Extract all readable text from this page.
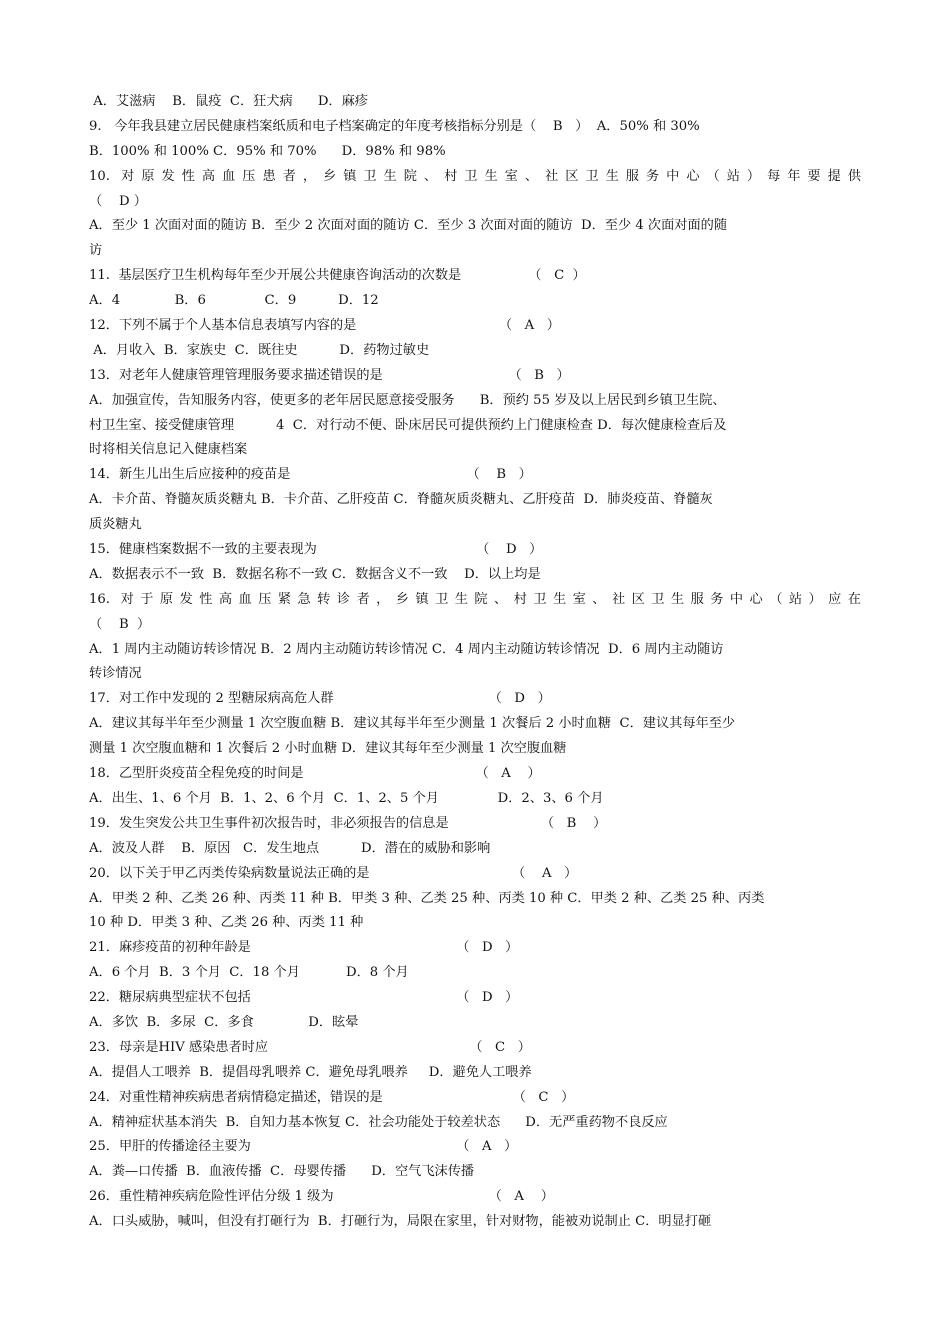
A．艾滋病    B．鼠疫  C．狂犬病      D．麻疹
9.   今年我县建立居民健康档案纸质和电子档案确定的年度考核指标分别是（    B   ）  A．50% 和 30%
B．100% 和 100% C．95% 和 70%      D．98% 和 98%
10. 对原发性高血压患者，乡镇卫生院、村卫生室、社区卫生服务中心（站）每年要提供
（    D ）
A．至少 1 次面对面的随访 B．至少 2 次面对面的随访 C．至少 3 次面对面的随访  D．至少 4 次面对面的随
访
11.  基层医疗卫生机构每年至少开展公共健康咨询活动的次数是                （   C  ）
A．4             B．6              C．9          D．12
12．下列不属于个人基本信息表填写内容的是                                  （   A   ）
A．月收入  B．家族史  C．既往史          D．药物过敏史
13．对老年人健康管理管理服务要求描述错误的是                              （   B   ）
A．加强宣传，告知服务内容，使更多的老年居民愿意接受服务      B．预约 55 岁及以上居民到乡镇卫生院、
村卫生室、接受健康管理          4  C．对行动不便、卧床居民可提供预约上门健康检查 D．每次健康检查后及
时将相关信息记入健康档案
14．新生儿出生后应接种的疫苗是                                          （    B   ）
A．卡介苗、脊髓灰质炎糖丸 B．卡介苗、乙肝疫苗 C．脊髓灰质炎糖丸、乙肝疫苗  D．肺炎疫苗、脊髓灰
质炎糖丸
15．健康档案数据不一致的主要表现为                                      （    D   ）
A．数据表示不一致  B．数据名称不一致 C．数据含义不一致    D．以上均是
16. 对于原发性高血压紧急转诊者，乡镇卫生院、村卫生室、社区卫生服务中心（站）应在
（    B  ）
A．1 周内主动随访转诊情况 B．2 周内主动随访转诊情况 C．4 周内主动随访转诊情况  D．6 周内主动随访
转诊情况
17．对工作中发现的 2 型糖尿病高危人群                                     （   D   ）
A．建议其每半年至少测量 1 次空腹血糖 B．建议其每半年至少测量 1 次餐后 2 小时血糖  C．建议其每年至少
测量 1 次空腹血糖和 1 次餐后 2 小时血糖 D．建议其每年至少测量 1 次空腹血糖
18．乙型肝炎疫苗全程免疫的时间是                                         （   A    ）
A．出生、1、6 个月  B．1、2、6 个月  C．1、2、5 个月              D．2、3、6 个月
19．发生突发公共卫生事件初次报告时，非必须报告的信息是                      （   B    ）
A．波及人群    B．原因   C．发生地点          D．潜在的威胁和影响
20．以下关于甲乙丙类传染病数量说法正确的是                                  （    A   ）
A．甲类 2 种、乙类 26 种、丙类 11 种 B．甲类 3 种、乙类 25 种、丙类 10 种 C．甲类 2 种、乙类 25 种、丙类
10 种 D．甲类 3 种、乙类 26 种、丙类 11 种
21．麻疹疫苗的初种年龄是                                                 （   D   ）
A．6 个月  B．3 个月  C．18 个月           D．8 个月
22．糖尿病典型症状不包括                                                 （   D   ）
A．多饮  B．多尿  C．多食             D．眩晕
23．母亲是HIV 感染患者时应                                                （   C   ）
A．提倡人工喂养  B．提倡母乳喂养 C．避免母乳喂养     D．避免人工喂养
24．对重性精神疾病患者病情稳定描述，错误的是                               （   C   ）
A．精神症状基本消失  B．自知力基本恢复 C．社会功能处于较差状态      D．无严重药物不良反应
25．甲肝的传播途径主要为                                                 （   A   ）
A．粪—口传播  B．血液传播  C．母婴传播      D．空气飞沫传播
26．重性精神疾病危险性评估分级 1 级为                                     （   A    ）
A．口头威胁，喊叫，但没有打砸行为  B．打砸行为，局限在家里，针对财物，能被劝说制止 C．明显打砸
